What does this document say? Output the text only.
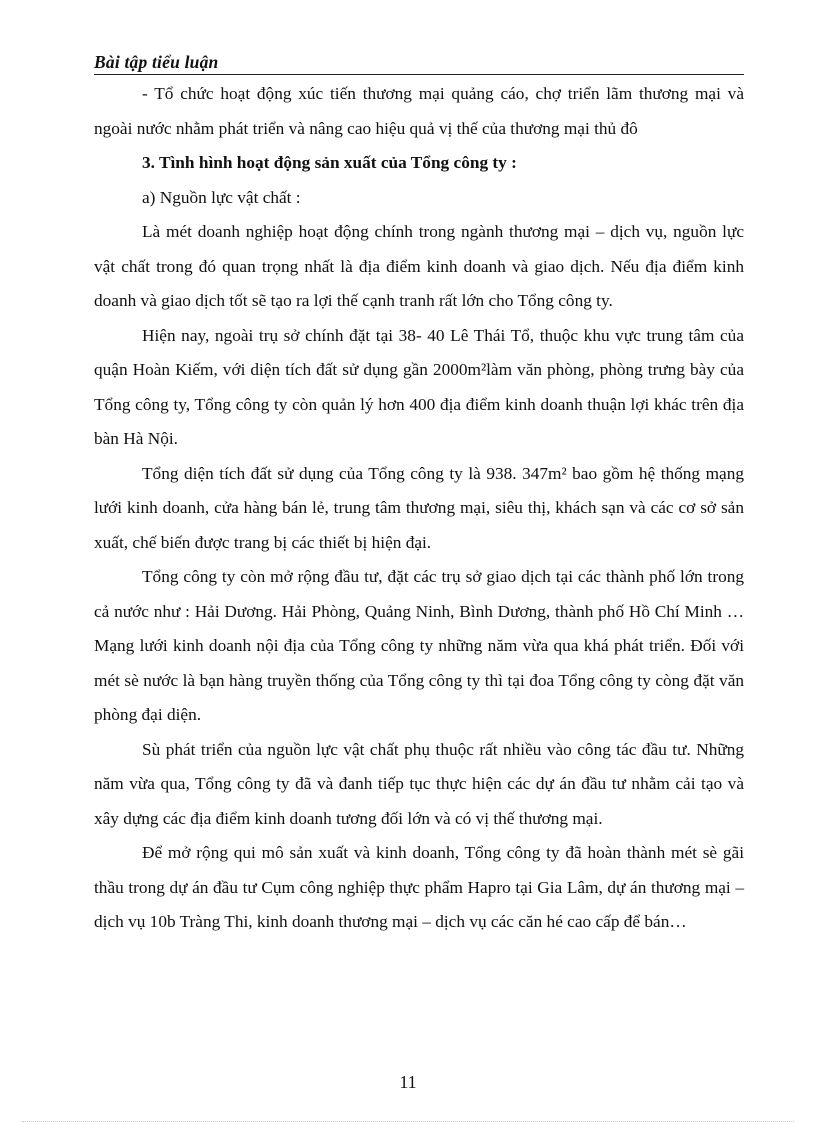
Bài tập tiểu luận

- Tổ chức hoạt động xúc tiến thương mại quảng cáo, chợ triển lãm thương mại và ngoài nước nhằm phát triển và nâng cao hiệu quả vị thế của thương mại thủ đô

3. Tình hình hoạt động sản xuất của Tổng công ty :

a) Nguồn lực vật chất :

Là mét doanh nghiệp hoạt động chính trong ngành thương mại – dịch vụ, nguồn lực vật chất trong đó quan trọng nhất là địa điểm kinh doanh và giao dịch. Nếu địa điểm kinh doanh và giao dịch tốt sẽ tạo ra lợi thế cạnh tranh rất lớn cho Tổng công ty.

Hiện nay, ngoài trụ sở chính đặt tại 38- 40 Lê Thái Tổ, thuộc khu vực trung tâm của quận Hoàn Kiếm, với diện tích đất sử dụng gần 2000m²làm văn phòng, phòng trưng bày của Tổng công ty, Tổng công ty còn quản lý hơn 400 địa điểm kinh doanh thuận lợi khác trên địa bàn Hà Nội.

Tổng diện tích đất sử dụng của Tổng công ty là 938. 347m² bao gồm hệ thống mạng lưới kinh doanh, cửa hàng bán lẻ, trung tâm thương mại, siêu thị, khách sạn và các cơ sở sản xuất, chế biến được trang bị các thiết bị hiện đại.

Tổng công ty còn mở rộng đầu tư, đặt các trụ sở giao dịch tại các thành phố lớn trong cả nước như : Hải Dương. Hải Phòng, Quảng Ninh, Bình Dương, thành phố Hồ Chí Minh … Mạng lưới kinh doanh nội địa của Tổng công ty những năm vừa qua khá phát triển. Đối với mét sè nước là bạn hàng truyền thống của Tổng công ty thì tại đoa Tổng công ty còng đặt văn phòng đại diện.

Sù phát triển của nguồn lực vật chất phụ thuộc rất nhiều vào công tác đầu tư. Những năm vừa qua, Tổng công ty đã và đanh tiếp tục thực hiện các dự án đầu tư nhằm cải tạo và xây dựng các địa điểm kinh doanh tương đối lớn và có vị thế thương mại.

Để mở rộng qui mô sản xuất và kinh doanh, Tổng công ty đã hoàn thành mét sè gãi thầu trong dự án đầu tư Cụm công nghiệp thực phẩm Hapro tại Gia Lâm, dự án thương mại – dịch vụ 10b Tràng Thi, kinh doanh thương mại – dịch vụ các căn hé cao cấp để bán…

11
